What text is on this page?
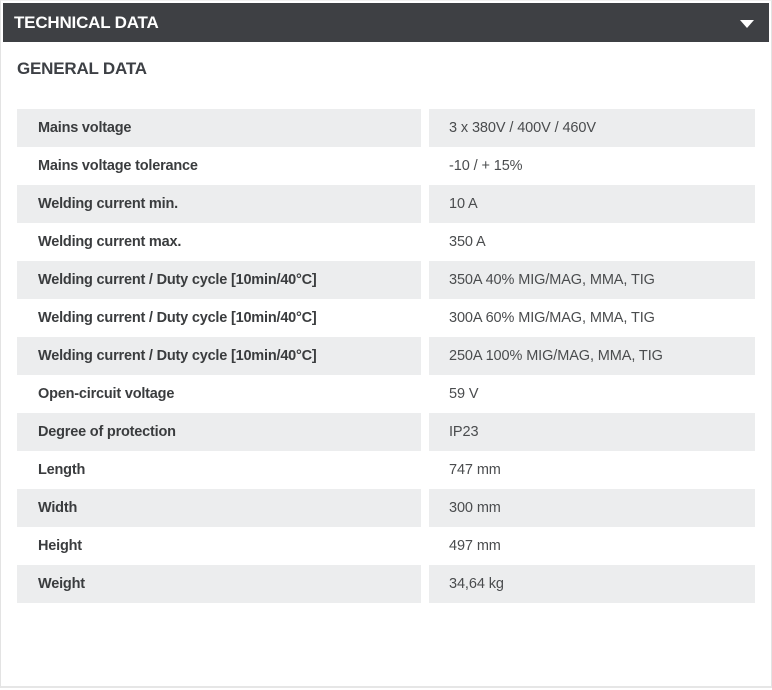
TECHNICAL DATA
GENERAL DATA
Mains voltage	3 x 380V / 400V / 460V
Mains voltage tolerance	-10 / + 15%
Welding current min.	10 A
Welding current max.	350 A
Welding current / Duty cycle [10min/40°C]	350A 40% MIG/MAG, MMA, TIG
Welding current / Duty cycle [10min/40°C]	300A 60% MIG/MAG, MMA, TIG
Welding current / Duty cycle [10min/40°C]	250A 100% MIG/MAG, MMA, TIG
Open-circuit voltage	59 V
Degree of protection	IP23
Length	747 mm
Width	300 mm
Height	497 mm
Weight	34,64 kg
